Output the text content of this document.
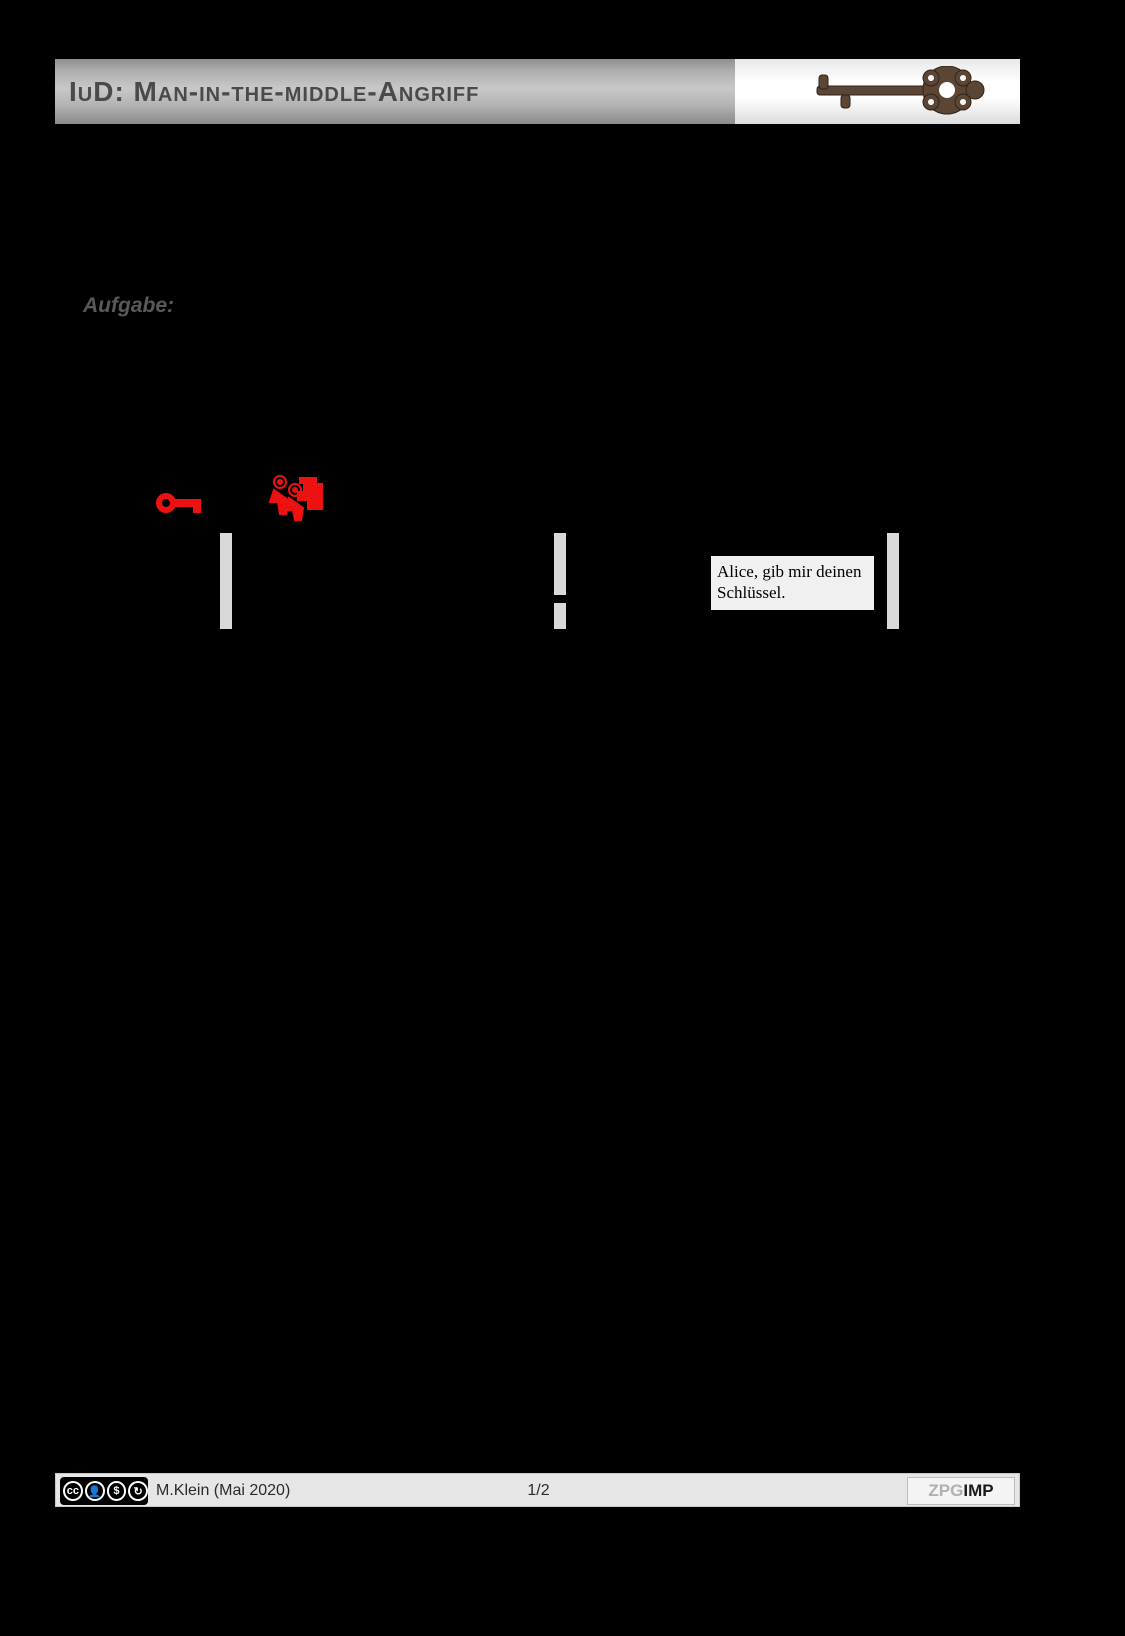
IuD: Man-in-the-middle-Angriff
Aufgabe:
Alice, gib mir deinen Schlüssel.
cc 👤	$	↻ M.Klein (Mai 2020)	1/2	ZPGIMP
